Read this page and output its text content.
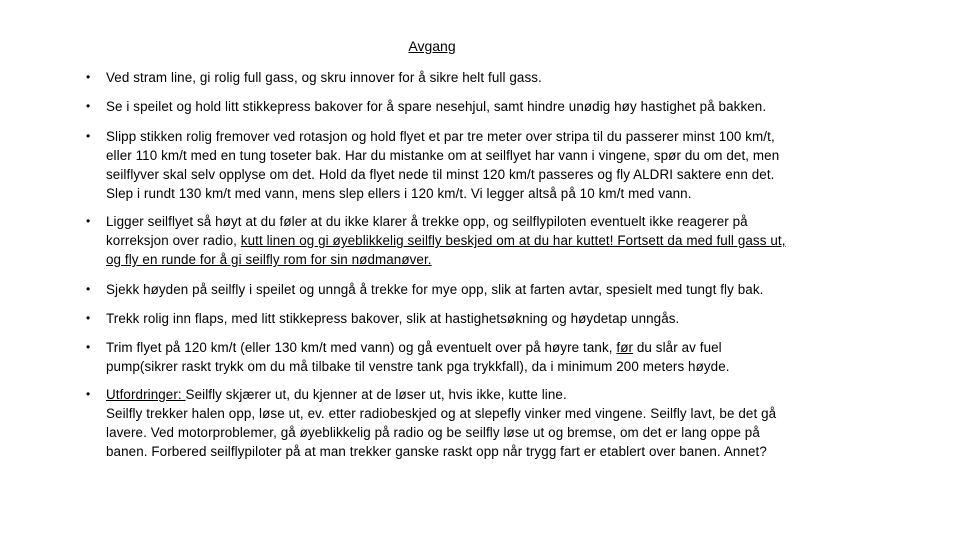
Avgang
•	Ved stram line, gi rolig full gass, og skru innover for å sikre helt full gass.
•	Se i speilet og hold litt stikkepress bakover for å spare nesehjul, samt hindre unødig høy hastighet på bakken.
•	Slipp stikken rolig fremover ved rotasjon og hold flyet et par tre meter over stripa til du passerer minst 100 km/t,
eller 110 km/t med en tung toseter bak. Har du mistanke om at seilflyet har vann i vingene, spør du om det, men
seilflyver skal selv opplyse om det. Hold da flyet nede til minst 120 km/t passeres og fly ALDRI saktere enn det.
Slep i rundt 130 km/t med vann, mens slep ellers i 120 km/t. Vi legger altså på 10 km/t med vann.
•	Ligger seilflyet så høyt at du føler at du ikke klarer å trekke opp, og seilflypiloten eventuelt ikke reagerer på
korreksjon over radio, kutt linen og gi øyeblikkelig seilfly beskjed om at du har kuttet! Fortsett da med full gass ut,
og fly en runde for å gi seilfly rom for sin nødmanøver.
•	Sjekk høyden på seilfly i speilet og unngå å trekke for mye opp, slik at farten avtar, spesielt med tungt fly bak.
•	Trekk rolig inn flaps, med litt stikkepress bakover, slik at hastighetsøkning og høydetap unngås.
•	Trim flyet på 120 km/t (eller 130 km/t med vann) og gå eventuelt over på høyre tank, før du slår av fuel
pump(sikrer raskt trykk om du må tilbake til venstre tank pga trykkfall), da i minimum 200 meters høyde.
•	Utfordringer: Seilfly skjærer ut, du kjenner at de løser ut, hvis ikke, kutte line.
Seilfly trekker halen opp, løse ut, ev. etter radiobeskjed og at slepefly vinker med vingene. Seilfly lavt, be det gå
lavere. Ved motorproblemer, gå øyeblikkelig på radio og be seilfly løse ut og bremse, om det er lang oppe på
banen. Forbered seilflypiloter på at man trekker ganske raskt opp når trygg fart er etablert over banen. Annet?
